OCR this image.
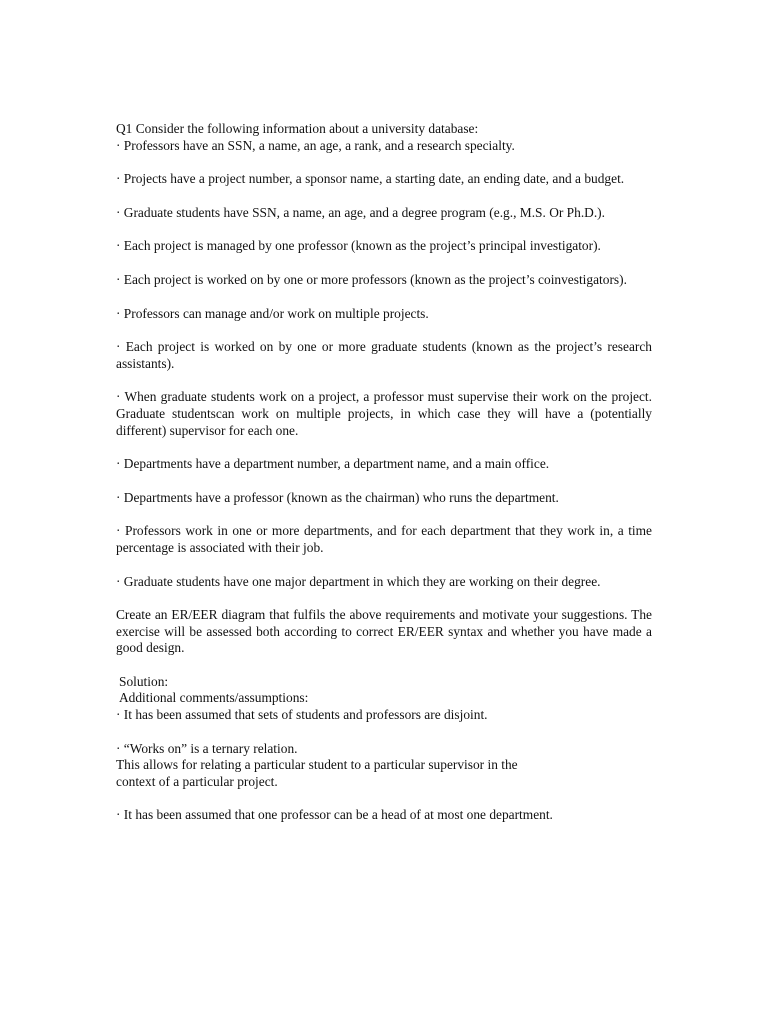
Q1 Consider the following information about a university database:
· Professors have an SSN, a name, an age, a rank, and a research specialty.

· Projects have a project number, a sponsor name, a starting date, an ending date, and a budget.

· Graduate students have SSN, a name, an age, and a degree program (e.g., M.S. Or Ph.D.).

· Each project is managed by one professor (known as the project’s principal investigator).

· Each project is worked on by one or more professors (known as the project’s coinvestigators).

· Professors can manage and/or work on multiple projects.

· Each project is worked on by one or more graduate students (known as the project’s research assistants).

· When graduate students work on a project, a professor must supervise their work on the project. Graduate studentscan work on multiple projects, in which case they will have a (potentially different) supervisor for each one.

· Departments have a department number, a department name, and a main office.

· Departments have a professor (known as the chairman) who runs the department.

· Professors work in one or more departments, and for each department that they work in, a time percentage is associated with their job.

· Graduate students have one major department in which they are working on their degree.

Create an ER/EER diagram that fulfils the above requirements and motivate your suggestions. The exercise will be assessed both according to correct ER/EER syntax and whether you have made a good design.

Solution:
Additional comments/assumptions:
· It has been assumed that sets of students and professors are disjoint.
· “Works on” is a ternary relation.
This allows for relating a particular student to a particular supervisor in the
context of a particular project.

· It has been assumed that one professor can be a head of at most one department.
